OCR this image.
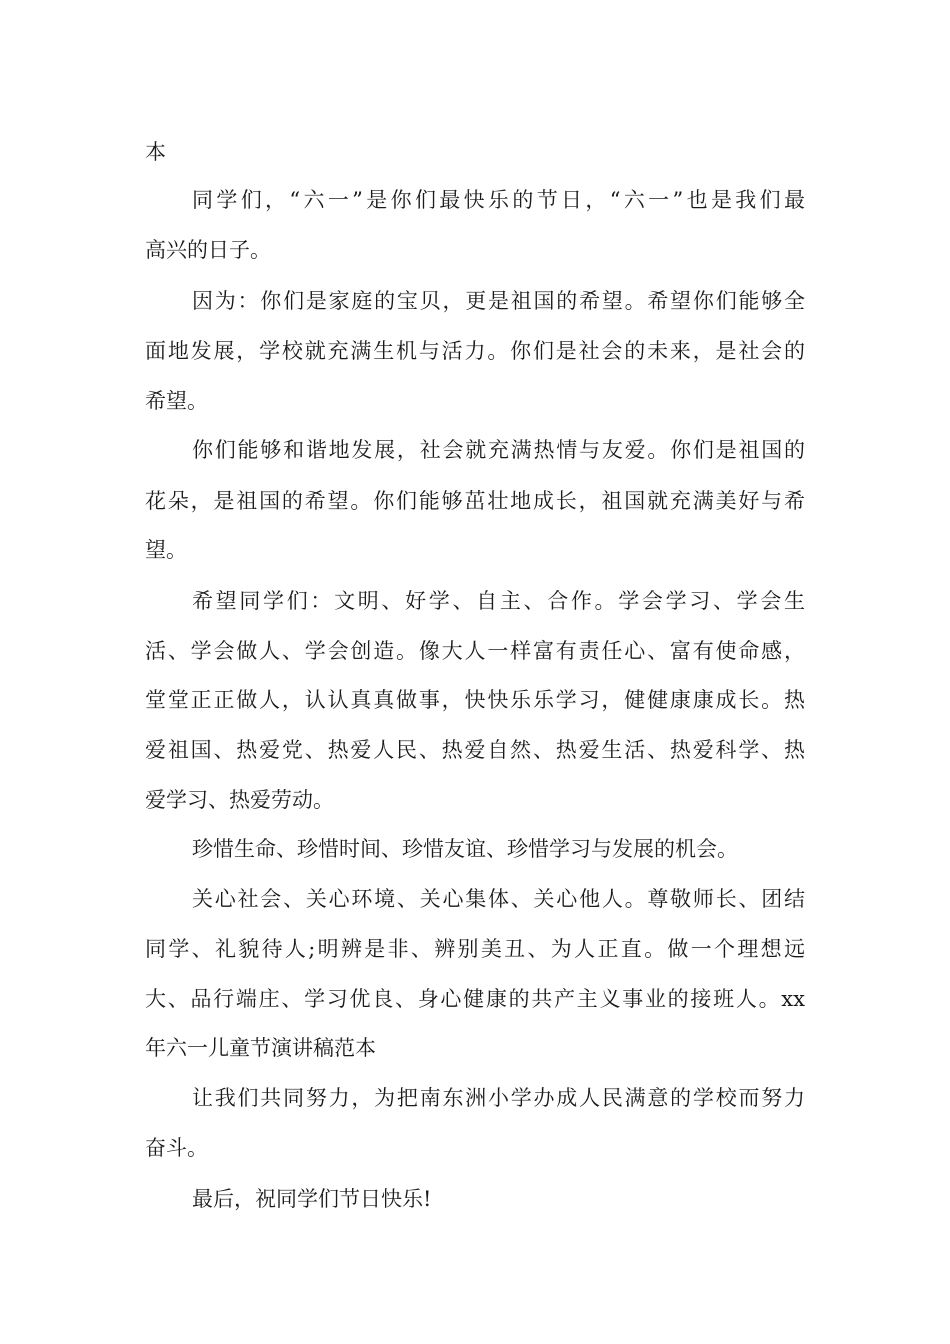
本
同学们，“六一”是你们最快乐的节日，“六一”也是我们最
高兴的日子。
因为：你们是家庭的宝贝，更是祖国的希望。希望你们能够全
面地发展，学校就充满生机与活力。你们是社会的未来，是社会的
希望。
你们能够和谐地发展，社会就充满热情与友爱。你们是祖国的
花朵，是祖国的希望。你们能够茁壮地成长，祖国就充满美好与希
望。
希望同学们：文明、好学、自主、合作。学会学习、学会生
活、学会做人、学会创造。像大人一样富有责任心、富有使命感，
堂堂正正做人，认认真真做事，快快乐乐学习，健健康康成长。热
爱祖国、热爱党、热爱人民、热爱自然、热爱生活、热爱科学、热
爱学习、热爱劳动。
珍惜生命、珍惜时间、珍惜友谊、珍惜学习与发展的机会。
关心社会、关心环境、关心集体、关心他人。尊敬师长、团结
同学、礼貌待人;明辨是非、辨别美丑、为人正直。做一个理想远
大、品行端庄、学习优良、身心健康的共产主义事业的接班人。xx
年六一儿童节演讲稿范本
让我们共同努力，为把南东洲小学办成人民满意的学校而努力
奋斗。
最后，祝同学们节日快乐!
